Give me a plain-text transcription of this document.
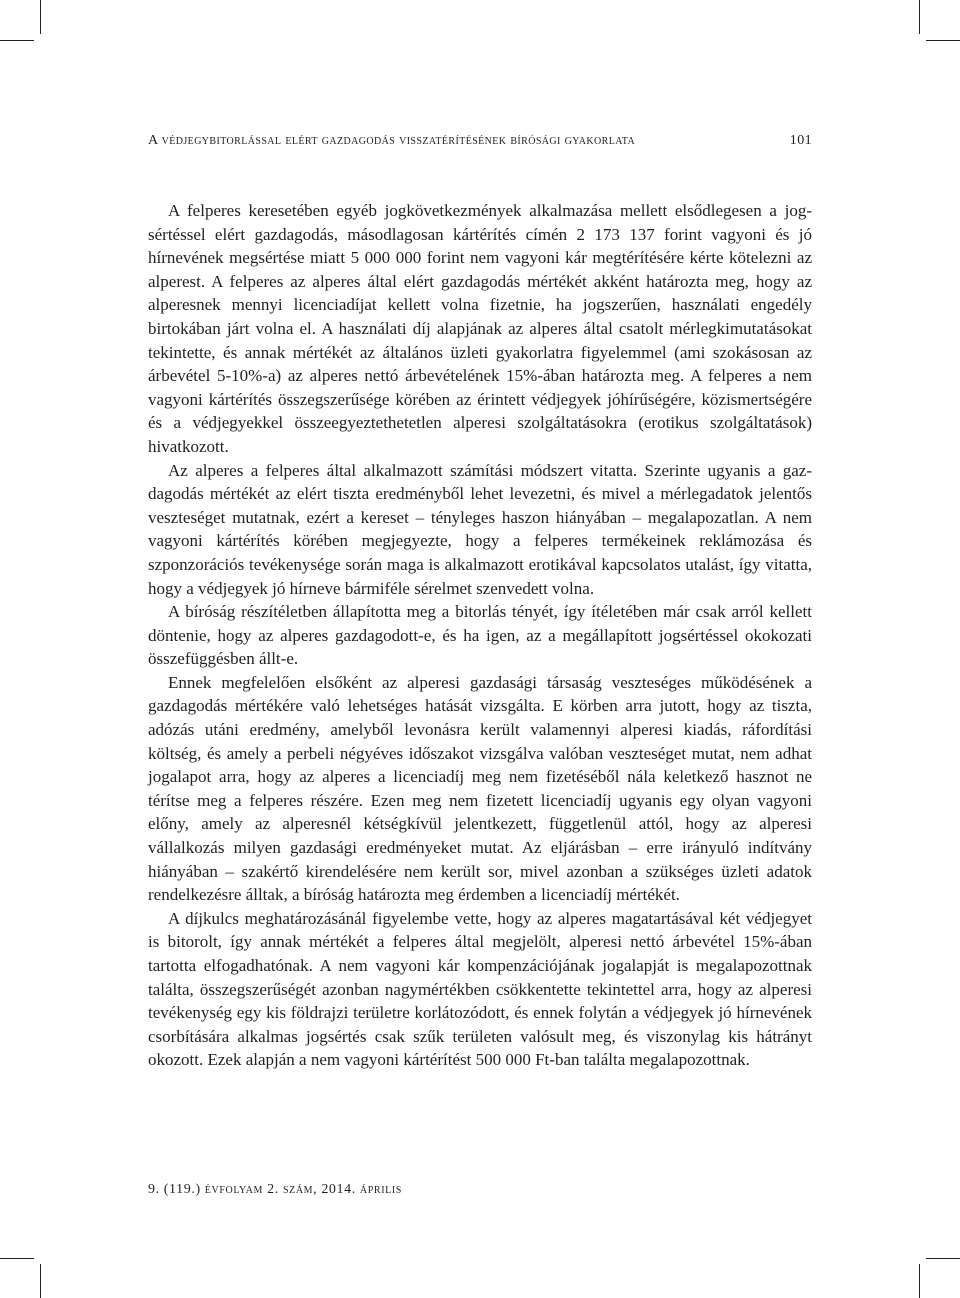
A védjegybitorlással elért gazdagodás visszatérítésének bírósági gyakorlata	101

A felperes keresetében egyéb jogkövetkezmények alkalmazása mellett elsődlegesen a jogsértéssel elért gazdagodás, másodlagosan kártérítés címén 2 173 137 forint vagyoni és jó hírnevének megsértése miatt 5 000 000 forint nem vagyoni kár megtérítésére kérte kötelezni az alperest. A felperes az alperes által elért gazdagodás mértékét akként határozta meg, hogy az alperesnek mennyi licenciadíjat kellett volna fizetnie, ha jogszerűen, használati engedély birtokában járt volna el. A használati díj alapjának az alperes által csatolt mérlegkimutatásokat tekintette, és annak mértékét az általános üzleti gyakorlatra figyelemmel (ami szokásosan az árbevétel 5-10%-a) az alperes nettó árbevételének 15%-ában határozta meg. A felperes a nem vagyoni kártérítés összegszerűsége körében az érintett védjegyek jóhírűségére, közismertségére és a védjegyekkel összeegyeztethetetlen alperesi szolgáltatásokra (erotikus szolgáltatások) hivatkozott.

Az alperes a felperes által alkalmazott számítási módszert vitatta. Szerinte ugyanis a gazdagodás mértékét az elért tiszta eredményből lehet levezetni, és mivel a mérlegadatok jelentős veszteséget mutatnak, ezért a kereset – tényleges haszon hiányában – megalapozatlan. A nem vagyoni kártérítés körében megjegyezte, hogy a felperes termékeinek reklámozása és szponzorációs tevékenysége során maga is alkalmazott erotikával kapcsolatos utalást, így vitatta, hogy a védjegyek jó hírneve bármiféle sérelmet szenvedett volna.

A bíróság részítéletben állapította meg a bitorlás tényét, így ítéletében már csak arról kellett döntenie, hogy az alperes gazdagodott-e, és ha igen, az a megállapított jogsértéssel okokozati összefüggésben állt-e.

Ennek megfelelően elsőként az alperesi gazdasági társaság veszteséges működésének a gazdagodás mértékére való lehetséges hatását vizsgálta. E körben arra jutott, hogy az tiszta, adózás utáni eredmény, amelyből levonásra került valamennyi alperesi kiadás, ráfordítási költség, és amely a perbeli négyéves időszakot vizsgálva valóban veszteséget mutat, nem adhat jogalapot arra, hogy az alperes a licenciadíj meg nem fizetéséből nála keletkező hasznot ne térítse meg a felperes részére. Ezen meg nem fizetett licenciadíj ugyanis egy olyan vagyoni előny, amely az alperesnél kétségkívül jelentkezett, függetlenül attól, hogy az alperesi vállalkozás milyen gazdasági eredményeket mutat. Az eljárásban – erre irányuló indítvány hiányában – szakértő kirendelésére nem került sor, mivel azonban a szükséges üzleti adatok rendelkezésre álltak, a bíróság határozta meg érdemben a licenciadíj mértékét.

A díjkulcs meghatározásánál figyelembe vette, hogy az alperes magatartásával két védjegyet is bitorolt, így annak mértékét a felperes által megjelölt, alperesi nettó árbevétel 15%-ában tartotta elfogadhatónak. A nem vagyoni kár kompenzációjának jogalapját is megalapozottnak találta, összegszerűségét azonban nagymértékben csökkentette tekintettel arra, hogy az alperesi tevékenység egy kis földrajzi területre korlátozódott, és ennek folytán a védjegyek jó hírnevének csorbítására alkalmas jogsértés csak szűk területen valósult meg, és viszonylag kis hátrányt okozott. Ezek alapján a nem vagyoni kártérítést 500 000 Ft-ban találta megalapozottnak.

9. (119.) évfolyam 2. szám, 2014. április
